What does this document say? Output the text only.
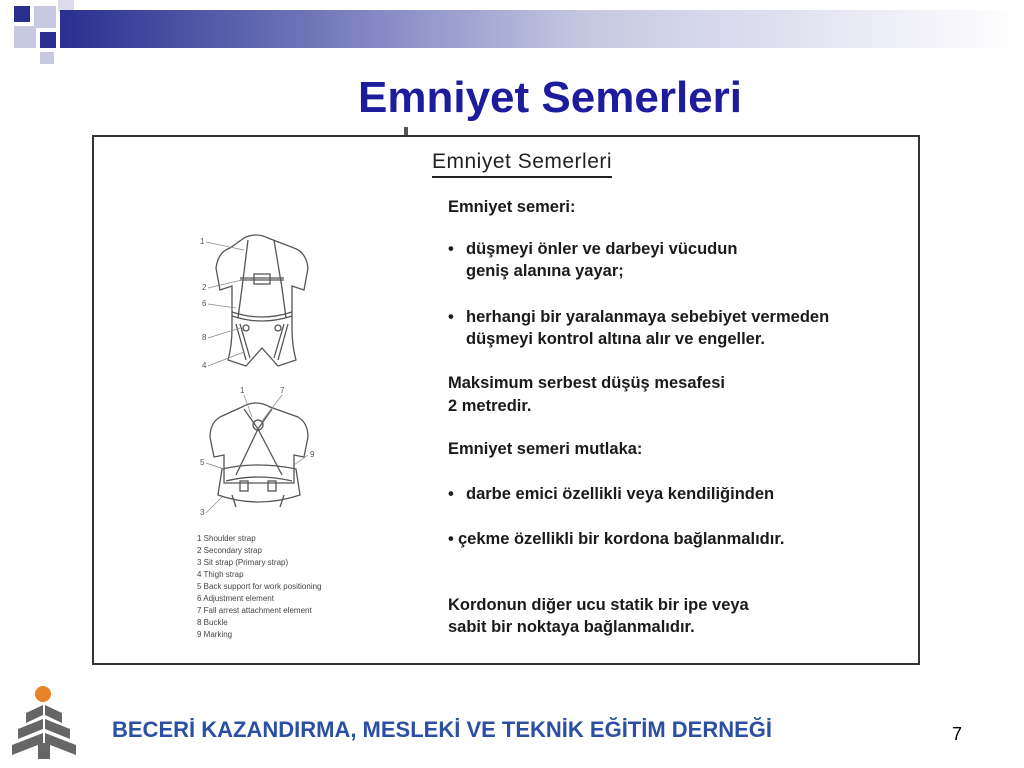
Emniyet Semerleri
Emniyet Semerleri
Emniyet semeri:
• düşmeyi önler ve darbeyi vücudun
geniş alanına yayar;
• herhangi bir yaralanmaya sebebiyet vermeden
düşmeyi kontrol altına alır ve engeller.
Maksimum serbest düşüş mesafesi
2 metredir.
Emniyet semeri mutlaka:
• darbe emici özellikli veya kendiliğinden
• çekme özellikli bir kordona bağlanmalıdır.
Kordonun diğer ucu statik bir ipe veya
sabit bir noktaya bağlanmalıdır.
1
2
6
8
4
1	7
5
9
3
1 Shoulder strap
2 Secondary strap
3 Sit strap (Primary strap)
4 Thigh strap
5 Back support for work positioning
6 Adjustment element
7 Fall arrest attachment element
8 Buckle
9 Marking
BECERİ KAZANDIRMA, MESLEKİ VE TEKNİK EĞİTİM DERNEĞİ	7
